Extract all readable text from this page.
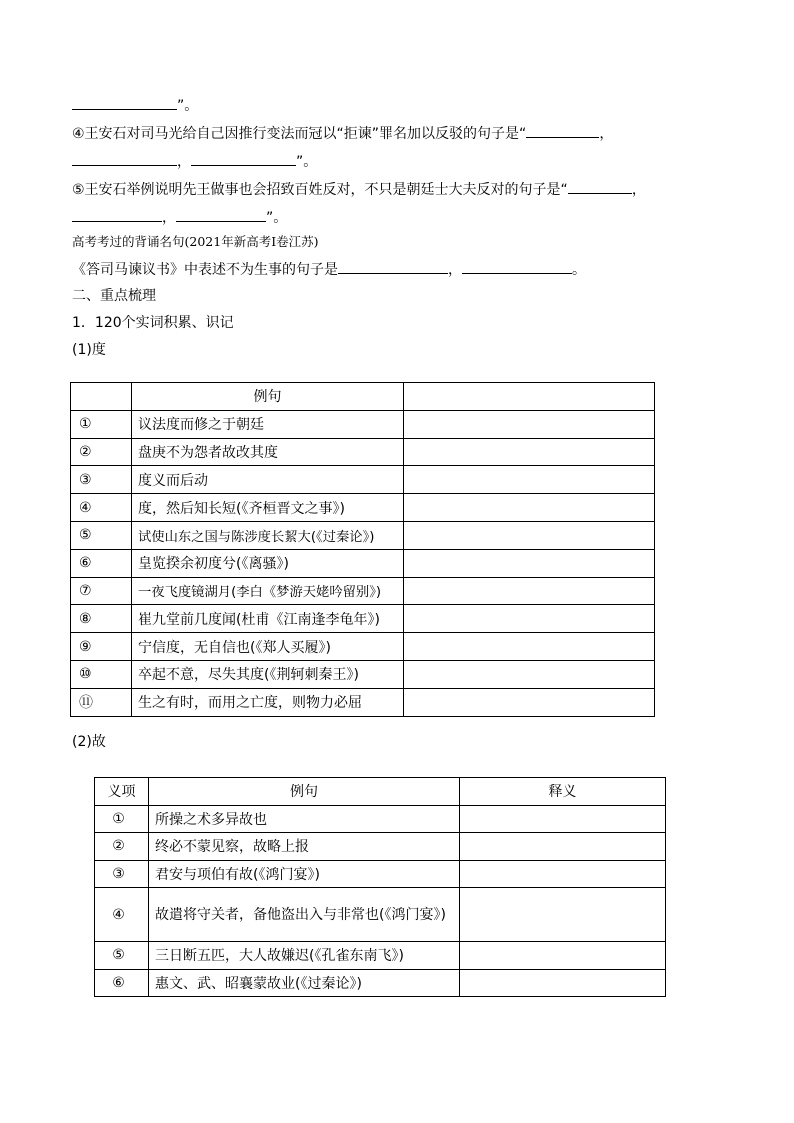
”。
④王安石对司马光给自己因推行变法而冠以“拒谏”罪名加以反驳的句子是“	，
，	”。
⑤王安石举例说明先王做事也会招致百姓反对，不只是朝廷士大夫反对的句子是“	，
，	”。
高考考过的背诵名句(2021年新高考Ⅰ卷江苏)
《答司马谏议书》中表述不为生事的句子是	，	。
二、重点梳理
1．120个实词积累、识记
(1)度
	例句	
①	议法度而修之于朝廷	
②	盘庚不为怨者故改其度	
③	度义而后动	
④	度，然后知长短(《齐桓晋文之事》)	
⑤	试使山东之国与陈涉度长絜大(《过秦论》)	
⑥	皇览揆余初度兮(《离骚》)	
⑦	一夜飞度镜湖月(李白《梦游天姥吟留别》)	
⑧	崔九堂前几度闻(杜甫《江南逢李龟年》)	
⑨	宁信度，无自信也(《郑人买履》)	
⑩	卒起不意，尽失其度(《荆轲刺秦王》)	
⑪	生之有时，而用之亡度，则物力必屈	
(2)故
义项	例句	释义
①	所操之术多异故也	
②	终必不蒙见察，故略上报	
③	君安与项伯有故(《鸿门宴》)	
④	故遣将守关者，备他盗出入与非常也(《鸿门宴》)	
⑤	三日断五匹，大人故嫌迟(《孔雀东南飞》)	
⑥	惠文、武、昭襄蒙故业(《过秦论》)	
